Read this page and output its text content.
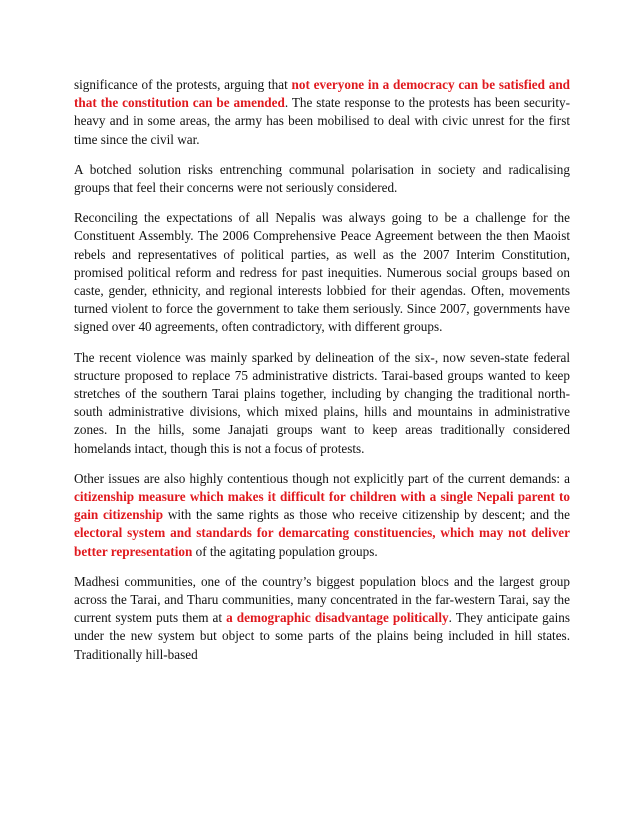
significance of the protests, arguing that not everyone in a democracy can be satisfied and that the constitution can be amended. The state response to the protests has been security-heavy and in some areas, the army has been mobilised to deal with civic unrest for the first time since the civil war.

A botched solution risks entrenching communal polarisation in society and radicalising groups that feel their concerns were not seriously considered.

Reconciling the expectations of all Nepalis was always going to be a challenge for the Constituent Assembly. The 2006 Comprehensive Peace Agreement between the then Maoist rebels and representatives of political parties, as well as the 2007 Interim Constitution, promised political reform and redress for past inequities. Numerous social groups based on caste, gender, ethnicity, and regional interests lobbied for their agendas. Often, movements turned violent to force the government to take them seriously. Since 2007, governments have signed over 40 agreements, often contradictory, with different groups.

The recent violence was mainly sparked by delineation of the six-, now seven-state federal structure proposed to replace 75 administrative districts. Tarai-based groups wanted to keep stretches of the southern Tarai plains together, including by changing the traditional north-south administrative divisions, which mixed plains, hills and mountains in administrative zones. In the hills, some Janajati groups want to keep areas traditionally considered homelands intact, though this is not a focus of protests.

Other issues are also highly contentious though not explicitly part of the current demands: a citizenship measure which makes it difficult for children with a single Nepali parent to gain citizenship with the same rights as those who receive citizenship by descent; and the electoral system and standards for demarcating constituencies, which may not deliver better representation of the agitating population groups.

Madhesi communities, one of the country’s biggest population blocs and the largest group across the Tarai, and Tharu communities, many concentrated in the far-western Tarai, say the current system puts them at a demographic disadvantage politically. They anticipate gains under the new system but object to some parts of the plains being included in hill states. Traditionally hill-based
